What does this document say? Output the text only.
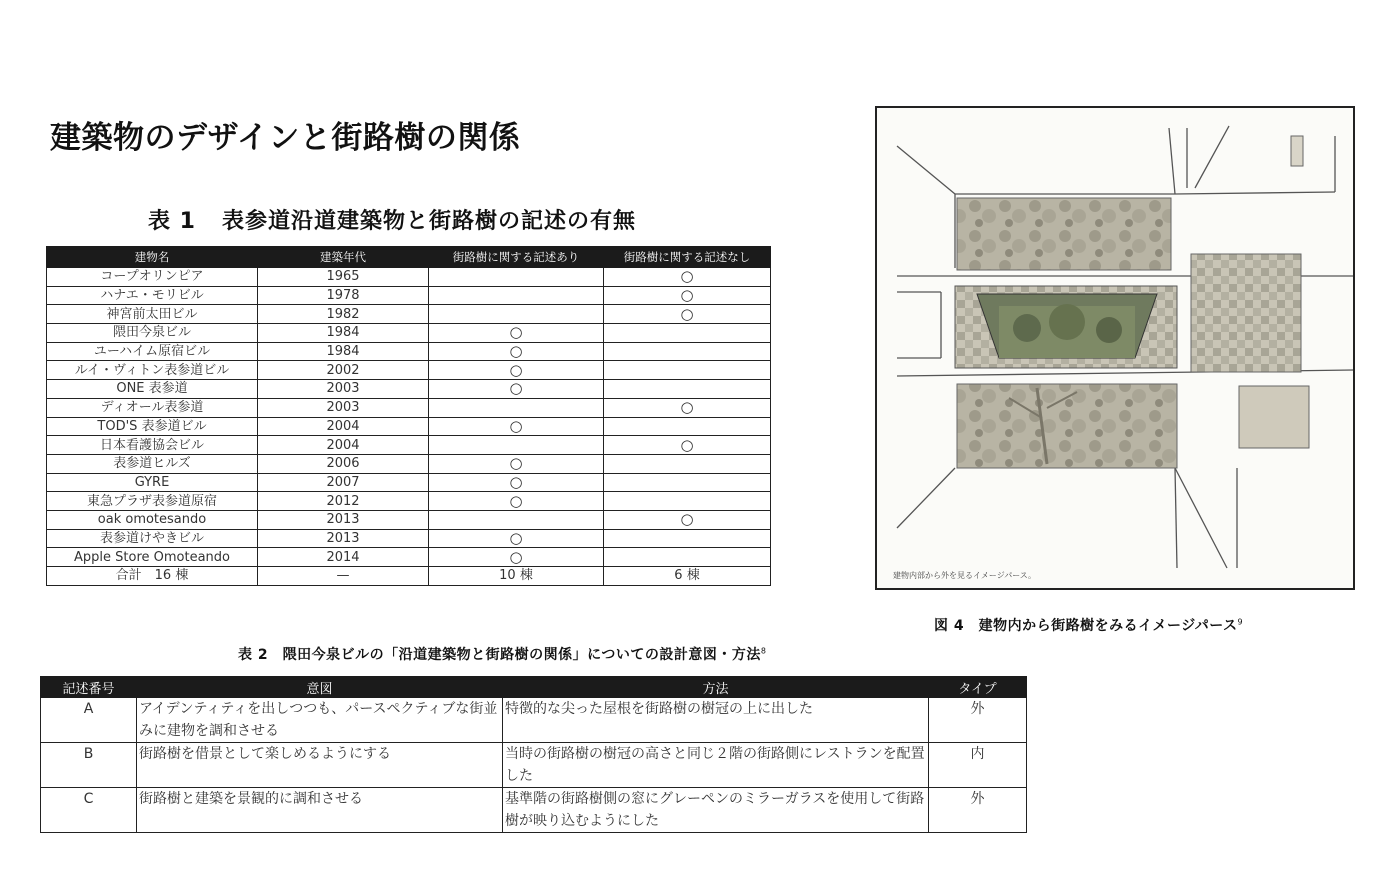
建築物のデザインと街路樹の関係
表 1 表参道沿道建築物と街路樹の記述の有無
建物名	建築年代	街路樹に関する記述あり	街路樹に関する記述なし
コープオリンピア	1965		○
ハナエ・モリビル	1978		○
神宮前太田ビル	1982		○
隈田今泉ビル	1984	○	
ユーハイム原宿ビル	1984	○	
ルイ・ヴィトン表参道ビル	2002	○	
ONE 表参道	2003	○	
ディオール表参道	2003		○
TOD'S 表参道ビル	2004	○	
日本看護協会ビル	2004		○
表参道ヒルズ	2006	○	
GYRE	2007	○	
東急プラザ表参道原宿	2012	○	
oak omotesando	2013		○
表参道けやきビル	2013	○	
Apple Store Omoteando	2014	○	
合計　16 棟	—	10 棟	6 棟
表 2　隈田今泉ビルの「沿道建築物と街路樹の関係」についての設計意図・方法$^8$
記述番号	意図	方法	タイプ
A	アイデンティティを出しつつも、パースペクティブな街並みに建物を調和させる	特徴的な尖った屋根を街路樹の樹冠の上に出した	外
B	街路樹を借景として楽しめるようにする	当時の街路樹の樹冠の高さと同じ２階の街路側にレストランを配置した	内
C	街路樹と建築を景観的に調和させる	基準階の街路樹側の窓にグレーペンのミラーガラスを使用して街路樹が映り込むようにした	外
建物内部から外を見るイメージパース。
図 4　建物内から街路樹をみるイメージパース$^9$
